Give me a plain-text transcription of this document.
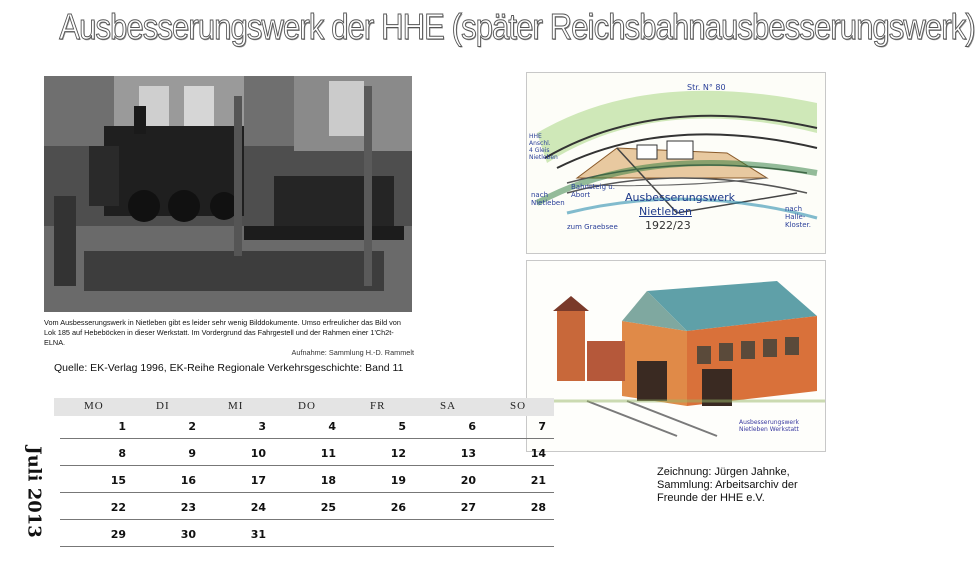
Ausbesserungswerk der HHE (später Reichsbahnausbesserungswerk)
Vom Ausbesserungswerk in Nietleben gibt es leider sehr wenig Bilddokumente. Umso erfreulicher das Bild von Lok 185 auf Hebeböcken in dieser Werkstatt. Im Vordergrund das Fahrgestell und der Rahmen einer 1'Ch2t-ELNA.
Aufnahme: Sammlung H.-D. Rammelt
Quelle: EK-Verlag 1996, EK-Reihe Regionale Verkehrsgeschichte: Band 11
Str. N° 80
HHE Anschl. 4 Gleis Nietleben
nach Nietleben
Bahnsteig u. Abort
zum Graebsee
Ausbesserungswerk
Nietleben
1922/23
nach Halle-Kloster.
Ausbesserungswerk Nietleben Werkstatt
Zeichnung: Jürgen Jahnke, Sammlung: Arbeitsarchiv der Freunde der HHE e.V.
Juli 2013
MO	DI	MI	DO	FR	SA	SO
1	2	3	4	5	6	7
8	9	10	11	12	13	14
15	16	17	18	19	20	21
22	23	24	25	26	27	28
29	30	31
